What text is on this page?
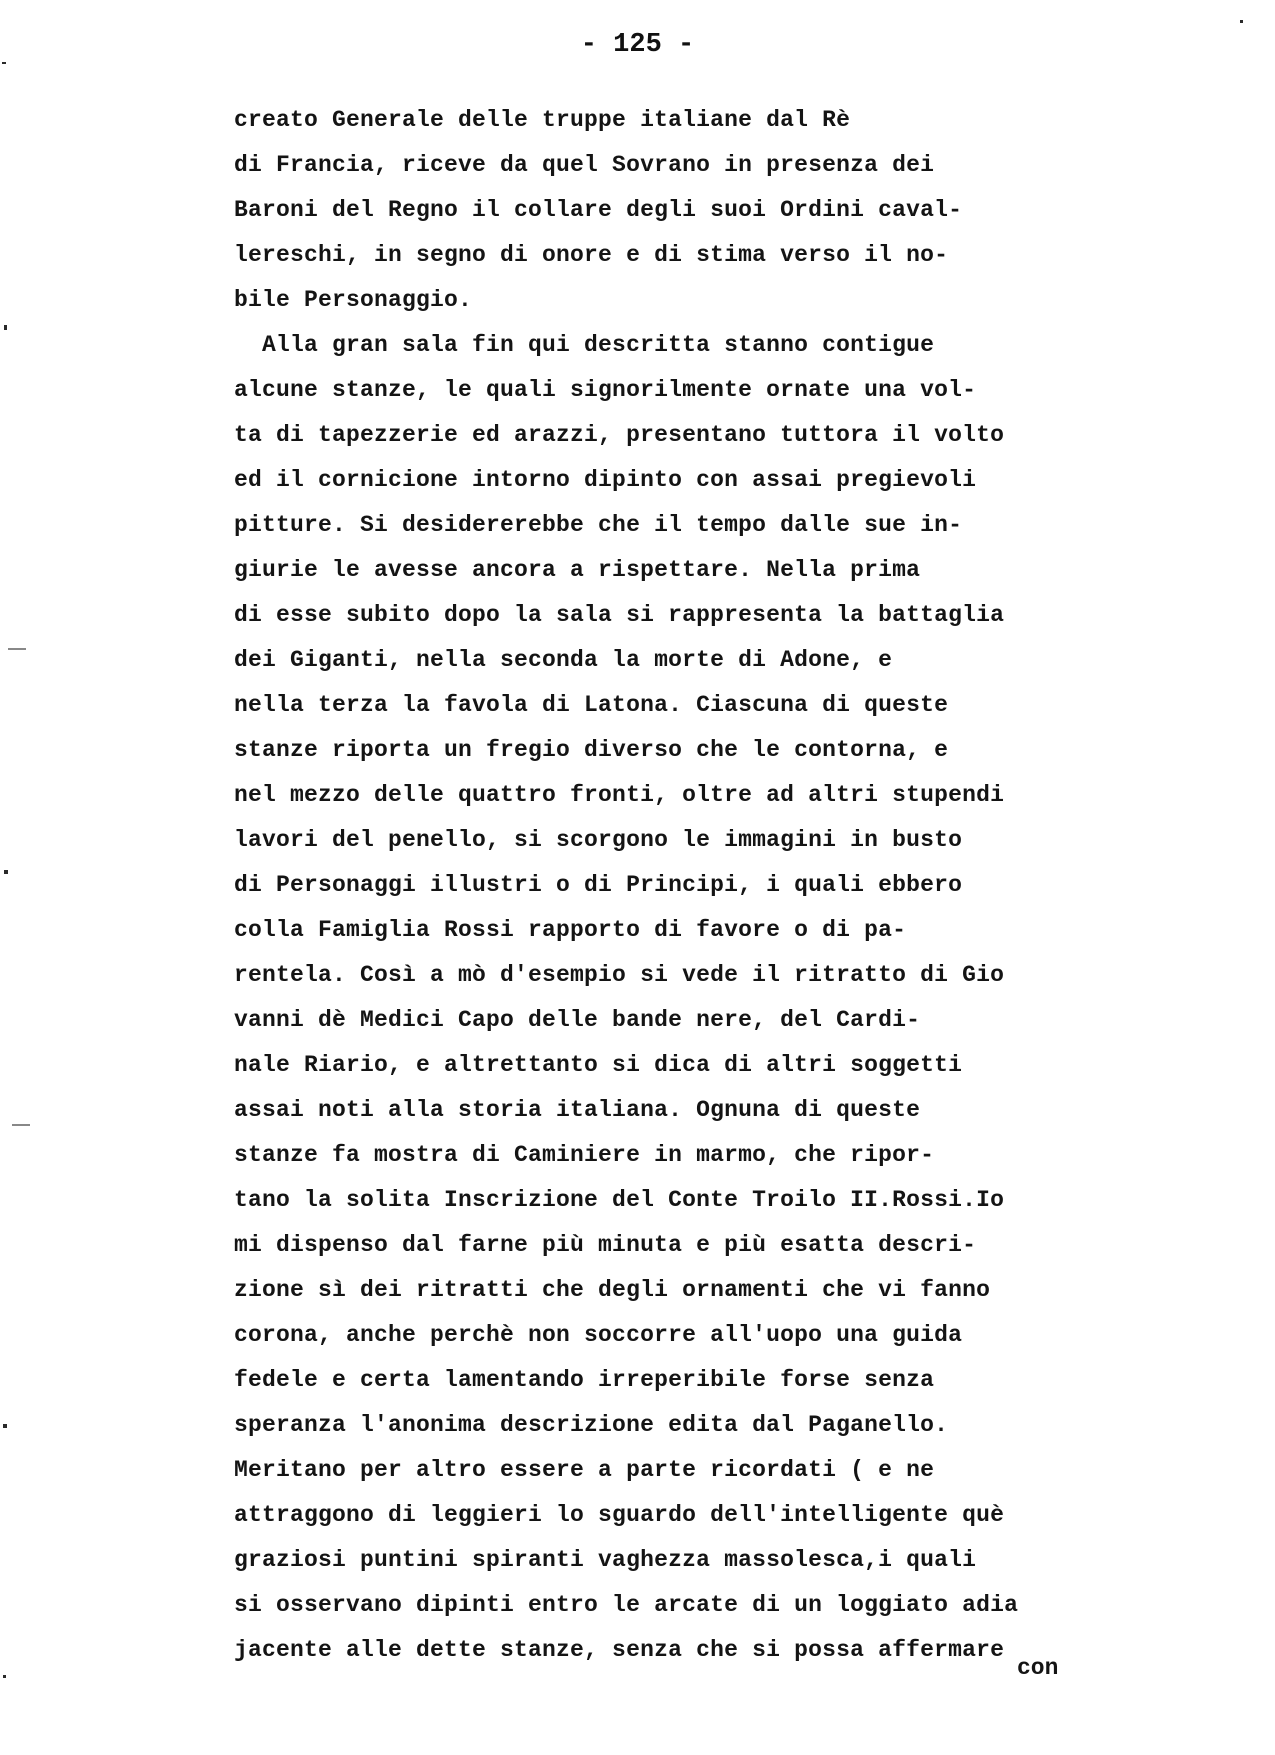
- 125 -
creato Generale delle truppe italiane dal Rè
di Francia, riceve da quel Sovrano in presenza dei
Baroni del Regno il collare degli suoi Ordini caval-
lereschi, in segno di onore e di stima verso il no-
bile Personaggio.
Alla gran sala fin qui descritta stanno contigue
alcune stanze, le quali signorilmente ornate una vol-
ta di tapezzerie ed arazzi, presentano tuttora il volto
ed il cornicione intorno dipinto con assai pregievoli
pitture. Si desidererebbe che il tempo dalle sue in-
giurie le avesse ancora a rispettare. Nella prima
di esse subito dopo la sala si rappresenta la battaglia
dei Giganti, nella seconda la morte di Adone, e
nella terza la favola di Latona. Ciascuna di queste
stanze riporta un fregio diverso che le contorna, e
nel mezzo delle quattro fronti, oltre ad altri stupendi
lavori del penello, si scorgono le immagini in busto
di Personaggi illustri o di Principi, i quali ebbero
colla Famiglia Rossi rapporto di favore o di pa-
rentela. Così a mò d'esempio si vede il ritratto di Gio
vanni dè Medici Capo delle bande nere, del Cardi-
nale Riario, e altrettanto si dica di altri soggetti
assai noti alla storia italiana. Ognuna di queste
stanze fa mostra di Caminiere in marmo, che ripor-
tano la solita Inscrizione del Conte Troilo II.Rossi.Io
mi dispenso dal farne più minuta e più esatta descri-
zione sì dei ritratti che degli ornamenti che vi fanno
corona, anche perchè non soccorre all'uopo una guida
fedele e certa lamentando irreperibile forse senza
speranza l'anonima descrizione edita dal Paganello.
Meritano per altro essere a parte ricordati ( e ne
attraggono di leggieri lo sguardo dell'intelligente què
graziosi puntini spiranti vaghezza massolesca,i quali
si osservano dipinti entro le arcate di un loggiato adia
jacente alle dette stanze, senza che si possa affermare
con
